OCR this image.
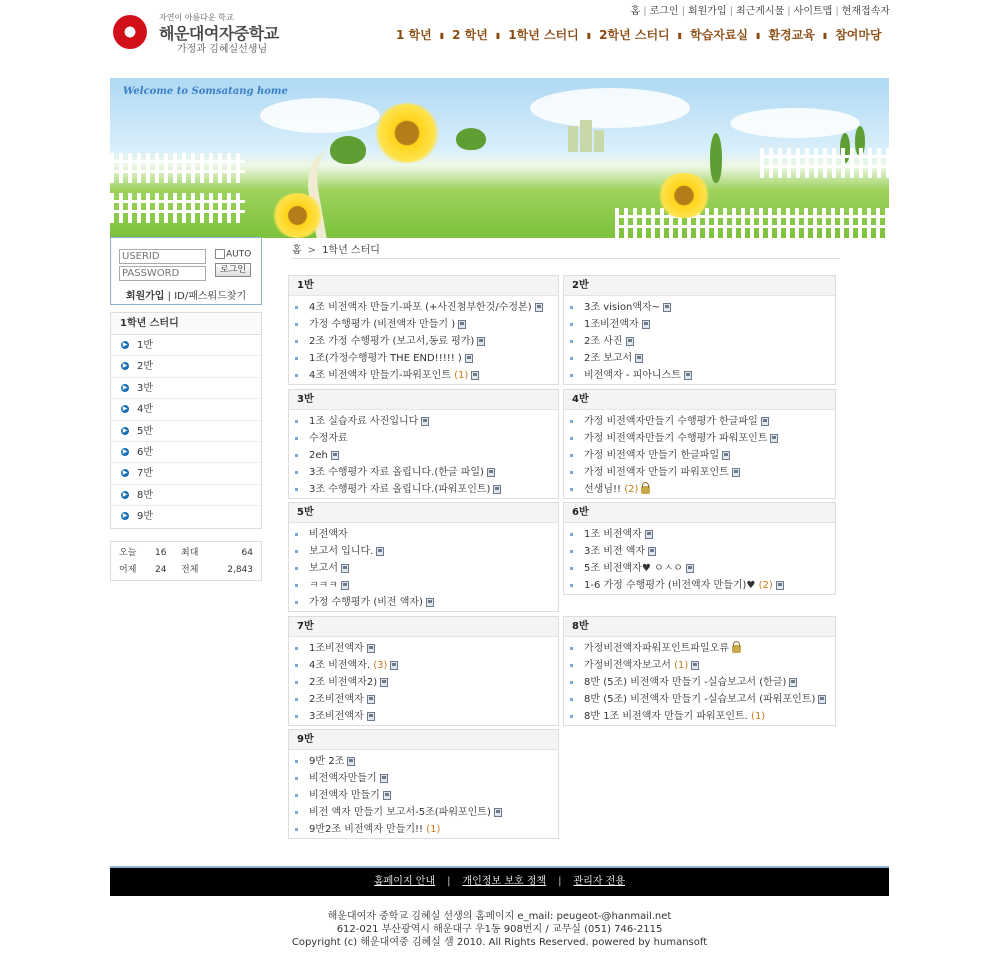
홈 | 로그인 | 회원가입 | 최근게시물 | 사이트맵 | 현재접속자
자연이 아름다운 학교
해운대여자중학교
가정과 김혜실선생님
1 학년 ▮ 2 학년 ▮ 1학년 스터디 ▮ 2학년 스터디 ▮ 학습자료실 ▮ 환경교육 ▮ 참여마당
Welcome to Somsatang home
USERID
PASSWORD
AUTO
로그인
회원가입 | ID/패스워드찾기
1학년 스터디
▶ 1반
▶ 2반
▶ 3반
▶ 4반
▶ 5반
▶ 6반
▶ 7반
▶ 8반
▶ 9반
오늘 16 최대	64
어제 24 전체	2,843
홈 > 1학년 스터디
1반
4조 비전액자 만들기-파포 (+사진첨부한것/수정본)
가정 수행평가 (비전액자 만들기 )
2조 가정 수행평가 (보고서,동료 평가)
1조(가정수행평가 THE END!!!!! )
4조 비전액자 만들기-파워포인트 (1)
2반
3조 vision액자~
1조비전액자
2조 사진
2조 보고서
비전액자 - 피아니스트
3반
1조 실습자료 사진입니다
수정자료
2eh
3조 수행평가 자료 올립니다.(한글 파일)
3조 수행평가 자료 올립니다.(파워포인트)
4반
가정 비전액자만들기 수행평가 한글파일
가정 비전액자만들기 수행평가 파워포인트
가정 비전액자 만들기 한글파일
가정 비전액자 만들기 파워포인트
선생님!! (2)
5반
비전액자
보고서 입니다.
보고서
ㅋㅋㅋ
가정 수행평가 (비전 액자)
6반
1조 비전액자
3조 비전 액자
5조 비전액자♥ ㅇㅅㅇ
1-6 가정 수행평가 (비전액자 만들기)♥ (2)
7반
1조비전액자
4조 비전액자. (3)
2조 비전액자2)
2조비전액자
3조비전액자
8반
가정비전액자파워포인트파일오류
가정비전액자보고서 (1)
8반 (5조) 비전액자 만들기 -실습보고서 (한글)
8반 (5조) 비전액자 만들기 -실습보고서 (파워포인트)
8반 1조 비전액자 만들기 파워포인트. (1)
9반
9반 2조
비전액자만들기
비전액자 만들기
비전 액자 만들기 보고서-5조(파워포인트)
9반2조 비전액자 만들기!! (1)
홈페이지 안내 | 개인정보 보호 정책 | 관리자 전용
해운대여자 중학교 김혜실 선생의 홈페이지 e_mail: peugeot-@hanmail.net
612-021 부산광역시 해운대구 우1동 908번지 / 교무실 (051) 746-2115
Copyright (c) 해운대여중 김혜실 샘 2010. All Rights Reserved. powered by humansoft
